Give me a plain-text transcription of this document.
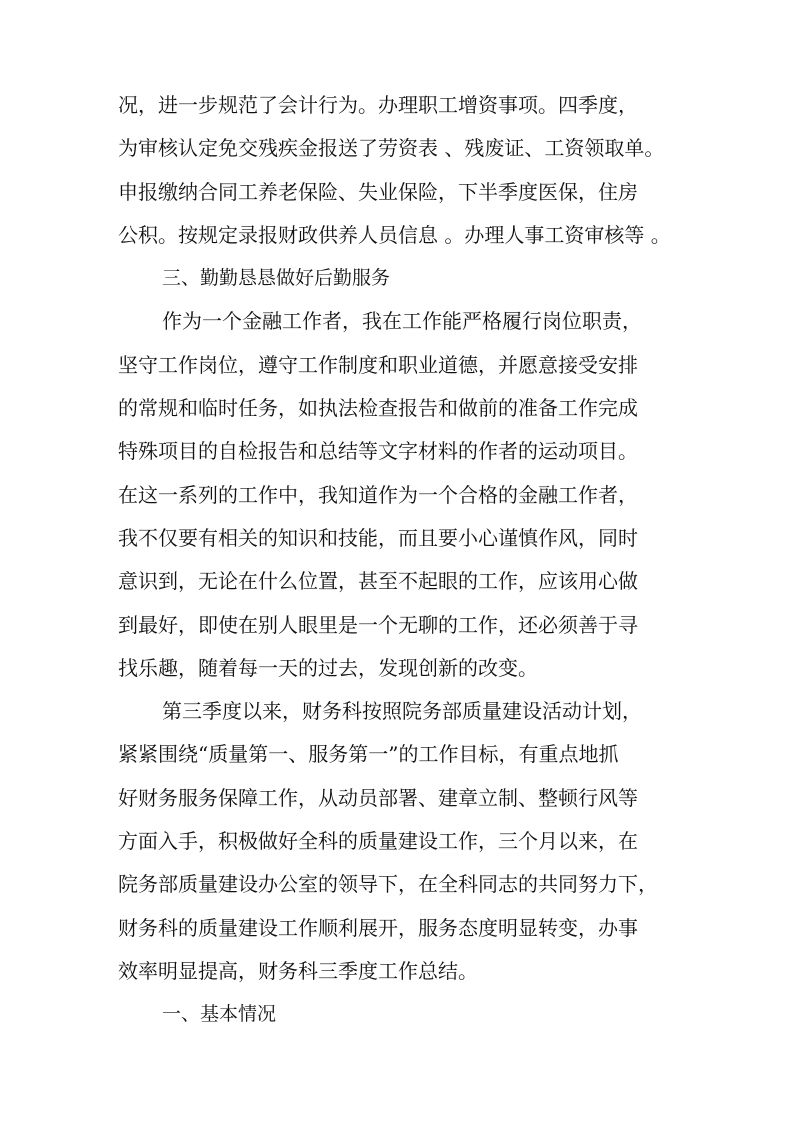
况，进一步规范了会计行为。办理职工增资事项。四季度，
为审核认定免交残疾金报送了劳资表 、残废证、工资领取单。
申报缴纳合同工养老保险、失业保险，下半季度医保，住房
公积。按规定录报财政供养人员信息 。办理人事工资审核等 。
三、勤勤恳恳做好后勤服务
作为一个金融工作者，我在工作能严格履行岗位职责，
坚守工作岗位，遵守工作制度和职业道德，并愿意接受安排
的常规和临时任务，如执法检查报告和做前的准备工作完成
特殊项目的自检报告和总结等文字材料的作者的运动项目。
在这一系列的工作中，我知道作为一个合格的金融工作者，
我不仅要有相关的知识和技能，而且要小心谨慎作风，同时
意识到，无论在什么位置，甚至不起眼的工作，应该用心做
到最好，即使在别人眼里是一个无聊的工作，还必须善于寻
找乐趣，随着每一天的过去，发现创新的改变。
第三季度以来，财务科按照院务部质量建设活动计划，
紧紧围绕“质量第一、服务第一”的工作目标，有重点地抓
好财务服务保障工作，从动员部署、建章立制、整顿行风等
方面入手，积极做好全科的质量建设工作，三个月以来，在
院务部质量建设办公室的领导下，在全科同志的共同努力下，
财务科的质量建设工作顺利展开，服务态度明显转变，办事
效率明显提高，财务科三季度工作总结。
一、基本情况
